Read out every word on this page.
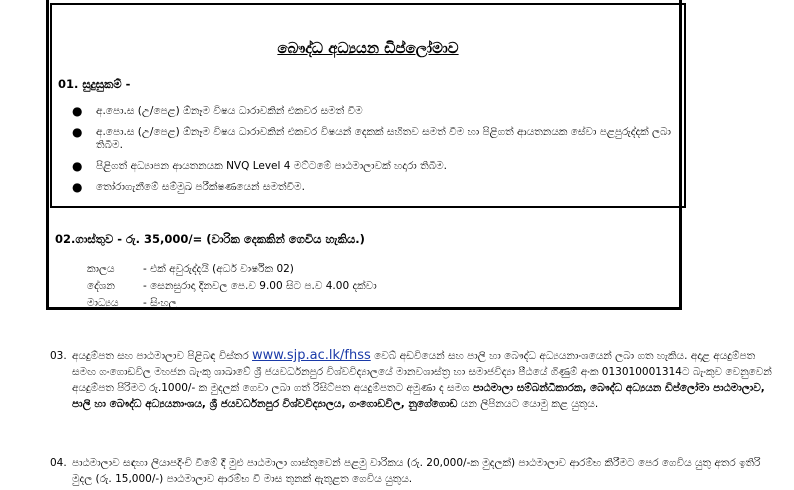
බෞද්ධ අධ්‍යයන ඩිප්ලෝමාව
01. සුදුසුකම් -
● අ.පො.ස (උ/පෙළ) ඕනෑම විෂය ධාරාවකින් එකවර සමත් වීම
● අ.පො.ස (උ/පෙළ) ඕනෑම විෂය ධාරාවකින් එකවර විෂයන් දෙකක් සහිතව සමත් වීම හා පිළිගත් ආයතනයක සේවා පළපුරුද්දක් ලබා තිබීම.
● පිළිගත් අධ්‍යාපන ආයතනයක NVQ Level 4 මට්ටමේ පාඨමාලාවක් හදාරා තිබීම.
● තෝරාගැනීමේ සම්මුඛ පරීක්ෂණයෙන් සමත්වීම.
02.ගාස්තුව - රු. 35,000/= (වාරික දෙකකින් ගෙවිය හැකිය.)
කාලය	- එක් අවුරුද්දයි (අර්ධ වාර්ෂික 02)
දේශන	- සෙනසුරාදා දිනවල පෙ.ව 9.00 සිට ප.ව 4.00 දක්වා
මාධ්‍යය - සිංහල
03. අයදුම්පත සහ පාඨමාලාව පිළිබඳ විස්තර www.sjp.ac.lk/fhss වෙබ් අඩවියෙන් සහ පාලි හා බෞද්ධ අධ්‍යයනාංශයෙන් ලබා ගත හැකිය. අදාළ අයදුම්පත සමඟ ගංගොඩවිල මහජන බැංකු ශාඛාවේ ශ්‍රී ජයවර්ධනපුර විශ්වවිද්‍යාලයේ මානවශාස්ත්‍ර හා සමාජවිද්‍යා පීඨයේ ගිණුම් අංක 013010001314ට බැංකුව වෙනුවෙන් අයදුම්පත පිරිමට රු.1000/- ක මුදලක් ගෙවා ලබා ගත් රිසිට්පත අයදුම්පතට අමුණා ද සමග පාඨමාලා සම්බන්ධීකාරක, බෞද්ධ අධ්‍යයන ඩිප්ලෝමා පාඨමාලාව, පාලි හා බෞද්ධ අධ්‍යයනාංශය, ශ්‍රී ජයවර්ධනපුර විශ්වවිද්‍යාලය, ගංගොඩවිල, නුගේගොඩ යන ලිපිනයට යොමු කළ යුතුය.
04. පාඨමාලාව සඳහා ලියාපදිංචි වීමේ දී මුළු පාඨමාලා ගාස්තුවෙන් පළමු වාරිකය (රු. 20,000/-ක මුදලක්) පාඨමාලාව ආරම්භ කිරීමට පෙර ගෙවිය යුතු අතර ඉතිරි මුදල (රු. 15,000/-) පාඨමාලාව ආරම්භ වී මාස තුනක් ඇතුළත ගෙවිය යුතුය.
